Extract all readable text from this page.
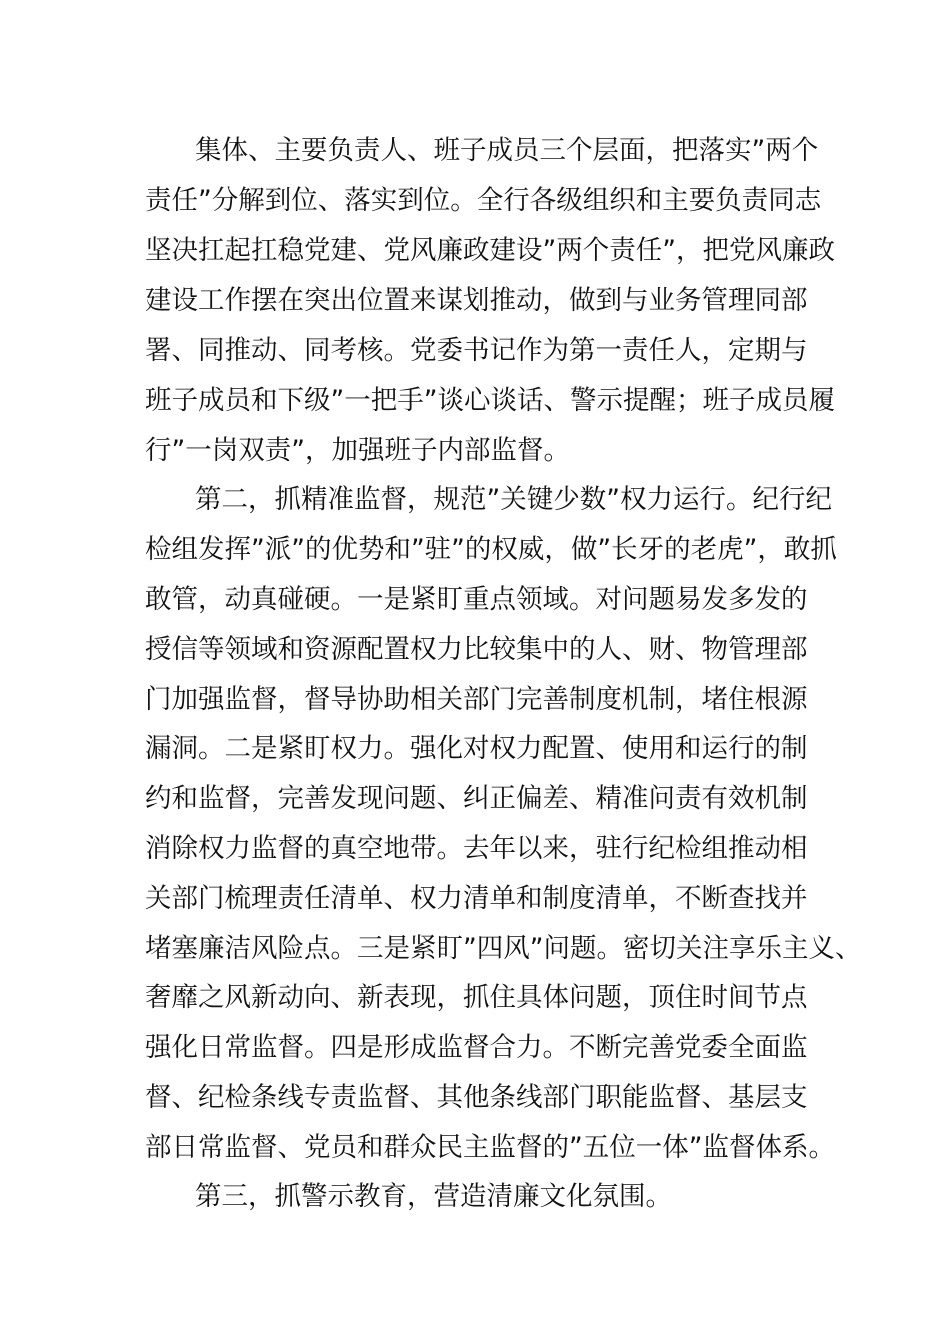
集体、主要负责人、班子成员三个层面，把落实”两个
责任”分解到位、落实到位。全行各级组织和主要负责同志
坚决扛起扛稳党建、党风廉政建设”两个责任”，把党风廉政
建设工作摆在突出位置来谋划推动，做到与业务管理同部
署、同推动、同考核。党委书记作为第一责任人，定期与
班子成员和下级”一把手”谈心谈话、警示提醒；班子成员履
行”一岗双责”，加强班子内部监督。
第二，抓精准监督，规范”关键少数”权力运行。纪行纪
检组发挥”派”的优势和”驻”的权威，做”长牙的老虎”，敢抓
敢管，动真碰硬。一是紧盯重点领域。对问题易发多发的
授信等领域和资源配置权力比较集中的人、财、物管理部
门加强监督，督导协助相关部门完善制度机制，堵住根源
漏洞。二是紧盯权力。强化对权力配置、使用和运行的制
约和监督，完善发现问题、纠正偏差、精准问责有效机制
消除权力监督的真空地带。去年以来，驻行纪检组推动相
关部门梳理责任清单、权力清单和制度清单，不断查找并
堵塞廉洁风险点。三是紧盯”四风”问题。密切关注享乐主义、
奢靡之风新动向、新表现，抓住具体问题，顶住时间节点
强化日常监督。四是形成监督合力。不断完善党委全面监
督、纪检条线专责监督、其他条线部门职能监督、基层支
部日常监督、党员和群众民主监督的”五位一体”监督体系。
第三，抓警示教育，营造清廉文化氛围。
